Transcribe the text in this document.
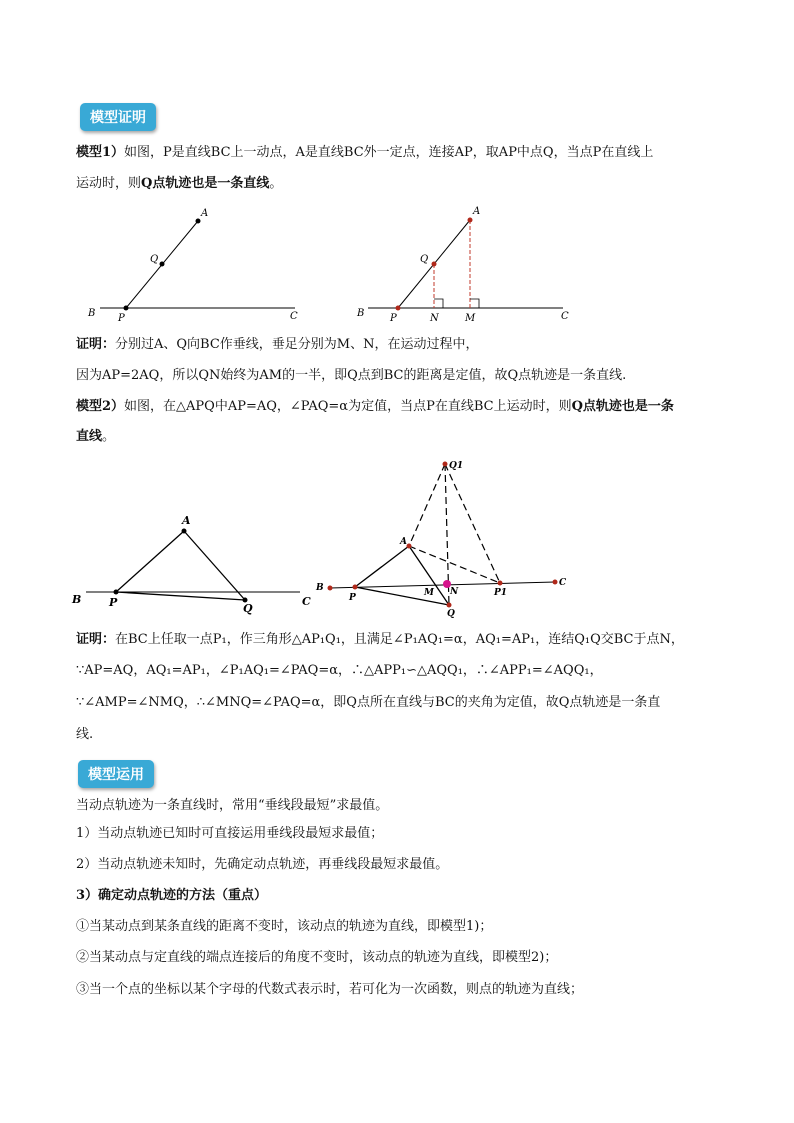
模型证明
模型1）如图，P是直线BC上一动点，A是直线BC外一定点，连接AP，取AP中点Q，当点P在直线上
运动时，则Q点轨迹也是一条直线。
A
Q
B P	C
A
Q
B	P	N	M	C
证明：分别过A、Q向BC作垂线，垂足分别为M、N，在运动过程中，
因为AP=2AQ，所以QN始终为AM的一半，即Q点到BC的距离是定值，故Q点轨迹是一条直线.
模型2）如图，在△APQ中AP=AQ，∠PAQ=α为定值，当点P在直线BC上运动时，则Q点轨迹也是一条
直线。
A
B	P	Q
C
Q1
A
B
P	M N	P1
Q
C
证明：在BC上任取一点P₁，作三角形△AP₁Q₁，且满足∠P₁AQ₁=α，AQ₁=AP₁，连结Q₁Q交BC于点N，
∵AP=AQ，AQ₁=AP₁，∠P₁AQ₁=∠PAQ=α，∴△APP₁∽△AQQ₁，∴∠APP₁=∠AQQ₁，
∵∠AMP=∠NMQ，∴∠MNQ=∠PAQ=α，即Q点所在直线与BC的夹角为定值，故Q点轨迹是一条直
线.
模型运用
当动点轨迹为一条直线时，常用“垂线段最短”求最值。
1）当动点轨迹已知时可直接运用垂线段最短求最值；
2）当动点轨迹未知时，先确定动点轨迹，再垂线段最短求最值。
3）确定动点轨迹的方法（重点）
①当某动点到某条直线的距离不变时，该动点的轨迹为直线，即模型1)；
②当某动点与定直线的端点连接后的角度不变时，该动点的轨迹为直线，即模型2)；
③当一个点的坐标以某个字母的代数式表示时，若可化为一次函数，则点的轨迹为直线；
